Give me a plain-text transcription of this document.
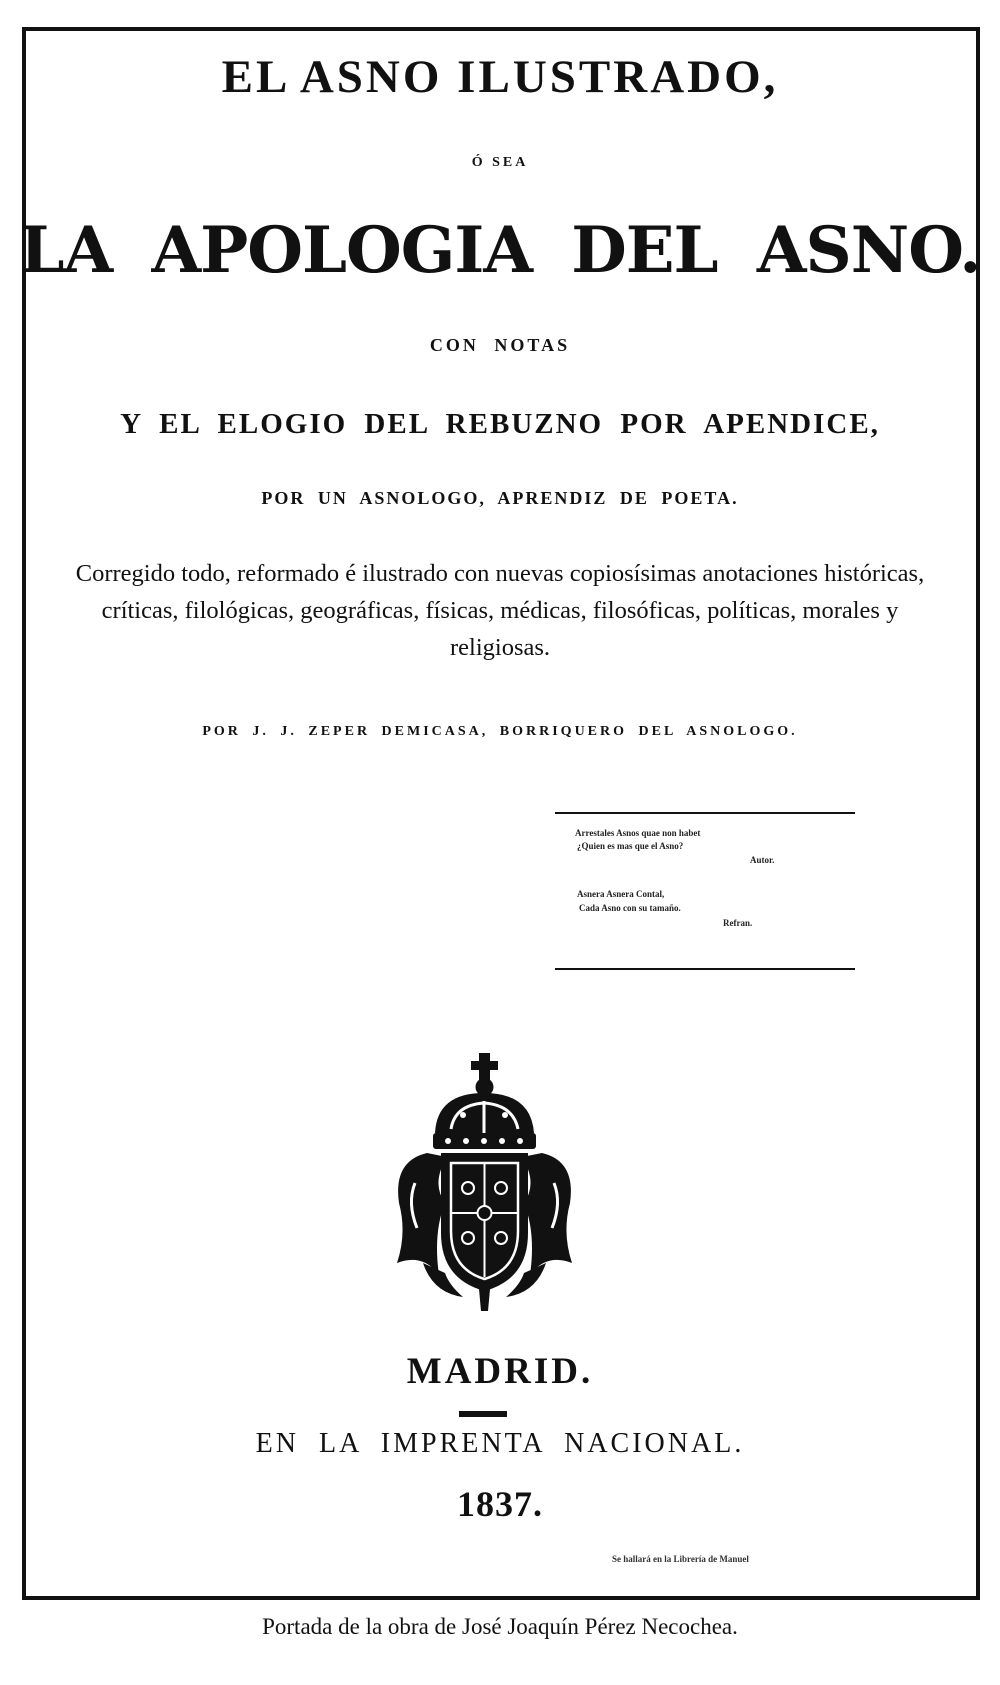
EL ASNO ILUSTRADO,
Ó SEA
LA APOLOGIA DEL ASNO.
CON NOTAS
Y EL ELOGIO DEL REBUZNO POR APENDICE,
POR UN ASNOLOGO, APRENDIZ DE POETA.
Corregido todo, reformado é ilustrado con nuevas copiosísimas anotaciones históricas, críticas, filológicas, geográficas, físicas, médicas, filosóficas, políticas, morales y religiosas.
POR J. J. ZEPER DEMICASA, BORRIQUERO DEL ASNOLOGO.
Arrestales Asnos quae non habet
¿Quien es mas que el Asno?
Autor.
Asnera Asnera Contal,
Cada Asno con su tamaño.
Refran.
MADRID.
EN LA IMPRENTA NACIONAL.
1837.
Se hallará en la Librería de Manuel
Portada de la obra de José Joaquín Pérez Necochea.
